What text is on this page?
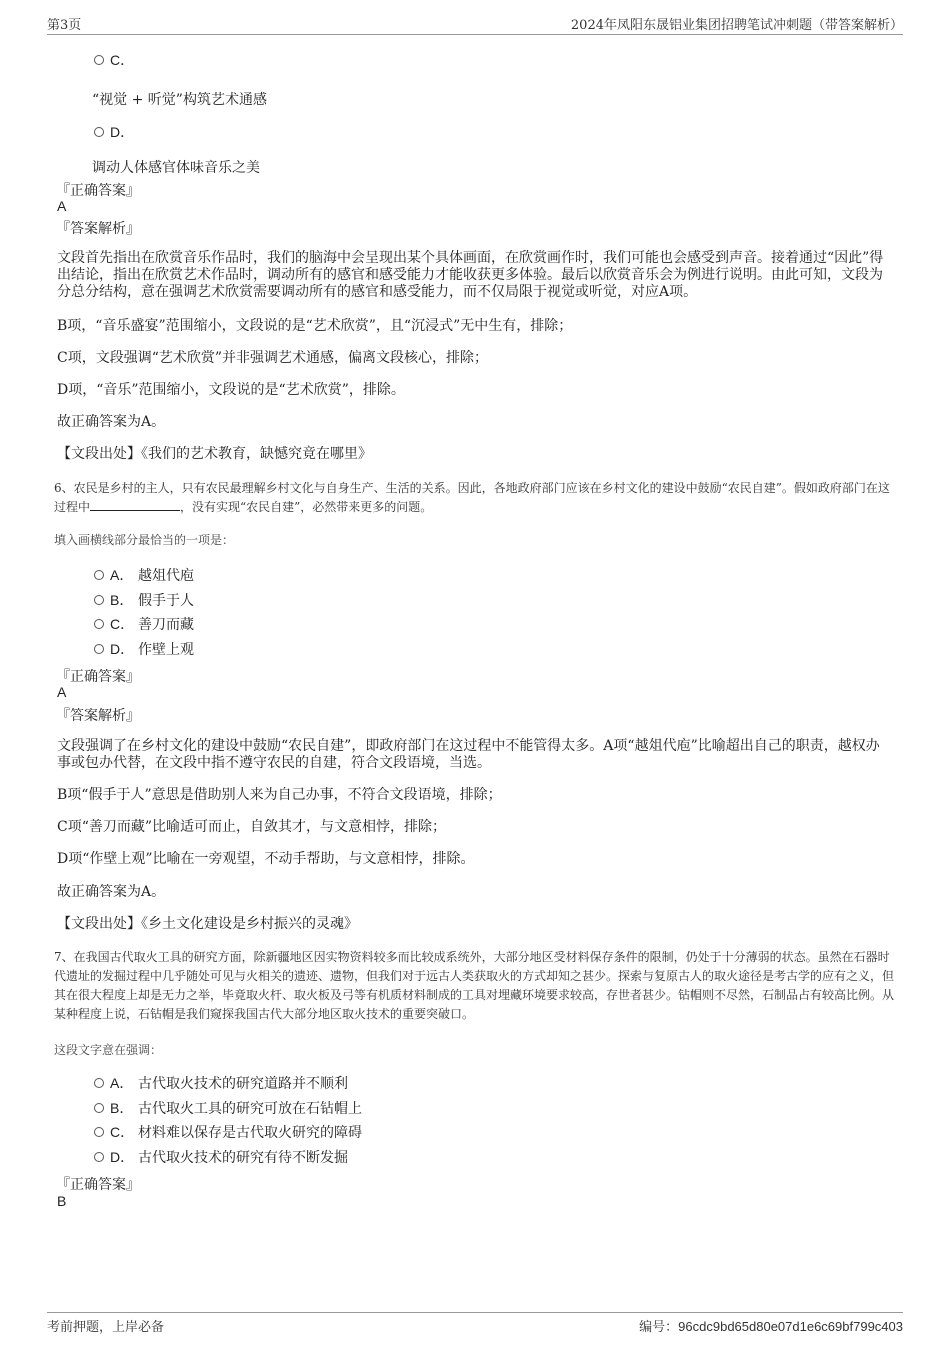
第3页	2024年凤阳东晟铝业集团招聘笔试冲刺题（带答案解析）
C．
“视觉 + 听觉”构筑艺术通感
D．
调动人体感官体味音乐之美
『正确答案』
A
『答案解析』
文段首先指出在欣赏音乐作品时，我们的脑海中会呈现出某个具体画面，在欣赏画作时，我们可能也会感受到声音。接着通过“因此”得出结论，指出在欣赏艺术作品时，调动所有的感官和感受能力才能收获更多体验。最后以欣赏音乐会为例进行说明。由此可知，文段为分总分结构，意在强调艺术欣赏需要调动所有的感官和感受能力，而不仅局限于视觉或听觉，对应A项。
B项，“音乐盛宴”范围缩小，文段说的是“艺术欣赏”，且“沉浸式”无中生有，排除；
C项，文段强调“艺术欣赏”并非强调艺术通感，偏离文段核心，排除；
D项，“音乐”范围缩小，文段说的是“艺术欣赏”，排除。
故正确答案为A。
【文段出处】《我们的艺术教育，缺憾究竟在哪里》
6、农民是乡村的主人，只有农民最理解乡村文化与自身生产、生活的关系。因此，各地政府部门应该在乡村文化的建设中鼓励“农民自建”。假如政府部门在这过程中	，没有实现“农民自建”，必然带来更多的问题。
填入画横线部分最恰当的一项是：
A． 越俎代庖
B． 假手于人
C． 善刀而藏
D． 作壁上观
『正确答案』
A
『答案解析』
文段强调了在乡村文化的建设中鼓励“农民自建”，即政府部门在这过程中不能管得太多。A项“越俎代庖”比喻超出自己的职责，越权办事或包办代替，在文段中指不遵守农民的自建，符合文段语境，当选。
B项“假手于人”意思是借助别人来为自己办事，不符合文段语境，排除；
C项“善刀而藏”比喻适可而止，自敛其才，与文意相悖，排除；
D项“作壁上观”比喻在一旁观望，不动手帮助，与文意相悖，排除。
故正确答案为A。
【文段出处】《乡土文化建设是乡村振兴的灵魂》
7、在我国古代取火工具的研究方面，除新疆地区因实物资料较多而比较成系统外，大部分地区受材料保存条件的限制，仍处于十分薄弱的状态。虽然在石器时代遗址的发掘过程中几乎随处可见与火相关的遗迹、遗物，但我们对于远古人类获取火的方式却知之甚少。探索与复原古人的取火途径是考古学的应有之义，但其在很大程度上却是无力之举，毕竟取火杆、取火板及弓等有机质材料制成的工具对埋藏环境要求较高，存世者甚少。钻帽则不尽然，石制品占有较高比例。从某种程度上说，石钻帽是我们窥探我国古代大部分地区取火技术的重要突破口。
这段文字意在强调：
A． 古代取火技术的研究道路并不顺利
B． 古代取火工具的研究可放在石钻帽上
C． 材料难以保存是古代取火研究的障碍
D． 古代取火技术的研究有待不断发掘
『正确答案』
B
考前押题，上岸必备	编号：96cdc9bd65d80e07d1e6c69bf799c403
